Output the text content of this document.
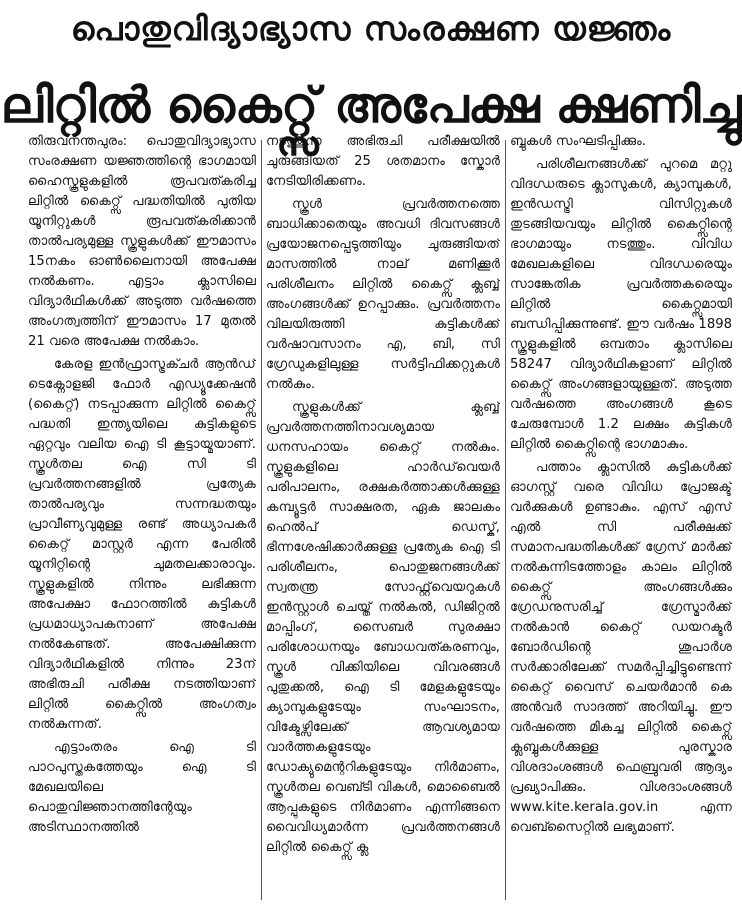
പൊതുവിദ്യാഭ്യാസ സംരക്ഷണ യജ്ഞം
ലിറ്റിൽ കൈറ്റ്സ് അപേക്ഷ ക്ഷണിച്ചു

തിരുവനന്തപുരം: പൊതുവിദ്യാഭ്യാസ സംരക്ഷണ യജ്ഞത്തിന്റെ ഭാഗമായി ഹൈസ്കൂളുകളിൽ രൂപവത്കരിച്ച ലിറ്റിൽ കൈറ്റ്സ് പദ്ധതിയിൽ പുതിയ യൂനിറ്റുകൾ രൂപവത്കരിക്കാൻ താൽപര്യമുള്ള സ്കൂളുകൾക്ക് ഈമാസം 15നകം ഓൺലൈനായി അപേക്ഷ നൽകണം. എട്ടാം ക്ലാസിലെ വിദ്യാർഥികൾക്ക് അടുത്ത വർഷത്തെ അംഗത്വത്തിന് ഈമാസം 17 മുതൽ 21 വരെ അപേക്ഷ നൽകാം.

കേരള ഇൻഫ്രാസ്ട്രക്ചർ ആൻഡ് ടെക്നോളജി ഫോർ എഡ്യൂക്കേഷൻ (കൈറ്റ്) നടപ്പാക്കുന്ന ലിറ്റിൽ കൈറ്റ്സ് പദ്ധതി ഇന്ത്യയിലെ കുട്ടികളുടെ ഏറ്റവും വലിയ ഐ ടി കൂട്ടായ്മയാണ്. സ്കൂൾതല ഐ സി ടി പ്രവർത്തനങ്ങളിൽ പ്രത്യേക താൽപര്യവും സന്നദ്ധതയും പ്രാവീണ്യവുമുള്ള രണ്ട് അധ്യാപകർ കൈറ്റ് മാസ്റ്റർ എന്ന പേരിൽ യൂനിറ്റിന്റെ ചുമതലക്കാരാവും. സ്കൂളുകളിൽ നിന്നും ലഭിക്കുന്ന അപേക്ഷാ ഫോറത്തിൽ കുട്ടികൾ പ്രധമാധ്യാപകനാണ് അപേക്ഷ നൽകേണ്ടത്. അപേക്ഷിക്കുന്ന വിദ്യാർഥികളിൽ നിന്നും 23ന് അഭിരുചി പരീക്ഷ നടത്തിയാണ് ലിറ്റിൽ കൈറ്റ്സിൽ അംഗത്വം നൽകുന്നത്.

എട്ടാംതരം ഐ ടി പാഠപുസ്തകത്തേയും ഐ ടി മേഖലയിലെ പൊതുവിജ്ഞാനത്തിന്റേയും അടിസ്ഥാനത്തിൽ

നടത്തുന്ന അഭിരുചി പരീക്ഷയിൽ ചുരുങ്ങിയത് 25 ശതമാനം സ്കോർ നേടിയിരിക്കണം.

സ്കൂൾ പ്രവർത്തനത്തെ ബാധിക്കാതെയും അവധി ദിവസങ്ങൾ പ്രയോജനപ്പെടുത്തിയും ചുരുങ്ങിയത് മാസത്തിൽ നാല് മണിക്കൂർ പരിശീലനം ലിറ്റിൽ കൈറ്റ്സ് ക്ലബ്ബ് അംഗങ്ങൾക്ക് ഉറപ്പാക്കും. പ്രവർത്തനം വിലയിരുത്തി കുട്ടികൾക്ക് വർഷാവസാനം എ, ബി, സി ഗ്രേഡുകളിലുള്ള സർട്ടിഫിക്കറ്റുകൾ നൽകും.

സ്കൂളുകൾക്ക് ക്ലബ്ബ് പ്രവർത്തനത്തിനാവശ്യമായ ധനസഹായം കൈറ്റ് നൽകും. സ്കൂളുകളിലെ ഹാർഡ്‌വെയർ പരിപാലനം, രക്ഷകർത്താക്കൾക്കുള്ള കമ്പ്യൂട്ടർ സാക്ഷരത, ഏക ജാലകം ഹെൽപ് ഡെസ്ക്, ഭിന്നശേഷിക്കാർക്കുള്ള പ്രത്യേക ഐ ടി പരിശീലനം, പൊതുജനങ്ങൾക്ക് സ്വതന്ത്ര സോഫ്റ്റ്‌വെയറുകൾ ഇൻസ്റ്റാൾ ചെയ്ത് നൽകൽ, ഡിജിറ്റൽ മാപ്പിംഗ്, സൈബർ സുരക്ഷാ പരിശോധനയും ബോധവത്കരണവും, സ്കൂൾ വിക്കിയിലെ വിവരങ്ങൾ പുതുക്കൽ, ഐ ടി മേളകളുടേയും ക്യാമ്പുകളുടേയും സംഘാടനം, വിക്ടേഴ്സിലേക്ക് ആവശ്യമായ വാർത്തകളുടേയും ഡോക്യുമെന്ററികളുടേയും നിർമാണം, സ്കൂൾതല വെബ്ടി വികൾ, മൊബൈൽ ആപ്പുകളുടെ നിർമാണം എന്നിങ്ങനെ വൈവിധ്യമാർന്ന പ്രവർത്തനങ്ങൾ ലിറ്റിൽ കൈറ്റ്സ് ക്ല

ബ്ബുകൾ സംഘടിപ്പിക്കും.

പരിശീലനങ്ങൾക്ക് പുറമെ മറ്റു വിദഗ്ധരുടെ ക്ലാസുകൾ, ക്യാമ്പുകൾ, ഇൻഡസ്ട്രി വിസിറ്റുകൾ തുടങ്ങിയവയും ലിറ്റിൽ കൈറ്റ്സിന്റെ ഭാഗമായും നടത്തും. വിവിധ മേഖലകളിലെ വിദഗ്ധരെയും സാങ്കേതിക പ്രവർത്തകരെയും ലിറ്റിൽ കൈറ്റ്സുമായി ബന്ധിപ്പിക്കുന്നുണ്ട്. ഈ വർഷം 1898 സ്കൂളുകളിൽ ഒമ്പതാം ക്ലാസിലെ 58247 വിദ്യാർഥികളാണ് ലിറ്റിൽ കൈറ്റ്സ് അംഗങ്ങളായുള്ളത്. അടുത്ത വർഷത്തെ അംഗങ്ങൾ കൂടെ ചേരുമ്പോൾ 1.2 ലക്ഷം കുട്ടികൾ ലിറ്റിൽ കൈറ്റ്സിന്റെ ഭാഗമാകും.

പത്താം ക്ലാസിൽ കുട്ടികൾക്ക് ഓഗസ്റ്റ് വരെ വിവിധ പ്രോജക്ട് വർക്കുകൾ ഉണ്ടാകും. എസ് എസ് എൽ സി പരീക്ഷക്ക് സമാനപദ്ധതികൾക്ക് ഗ്രേസ് മാർക്ക് നൽകുന്നിടത്തോളം കാലം ലിറ്റിൽ കൈറ്റ്സ് അംഗങ്ങൾക്കും ഗ്രേഡനുസരിച്ച് ഗ്രേസ്മാർക്ക് നൽകാൻ കൈറ്റ് ഡയറക്ടർ ബോർഡിന്റെ ശുപാർശ സർക്കാരിലേക്ക് സമർപ്പിച്ചിട്ടുണ്ടെന്ന് കൈറ്റ് വൈസ് ചെയർമാൻ കെ അൻവർ സാദത്ത് അറിയിച്ചു. ഈ വർഷത്തെ മികച്ച ലിറ്റിൽ കൈറ്റ്സ് ക്ലബ്ബുകൾക്കുള്ള പുരസ്കാര വിശദാംശങ്ങൾ ഫെബ്രുവരി ആദ്യം പ്രഖ്യാപിക്കും. വിശദാംശങ്ങൾ www.kite.kerala.gov.in എന്ന വെബ്സൈറ്റിൽ ലഭ്യമാണ്.
